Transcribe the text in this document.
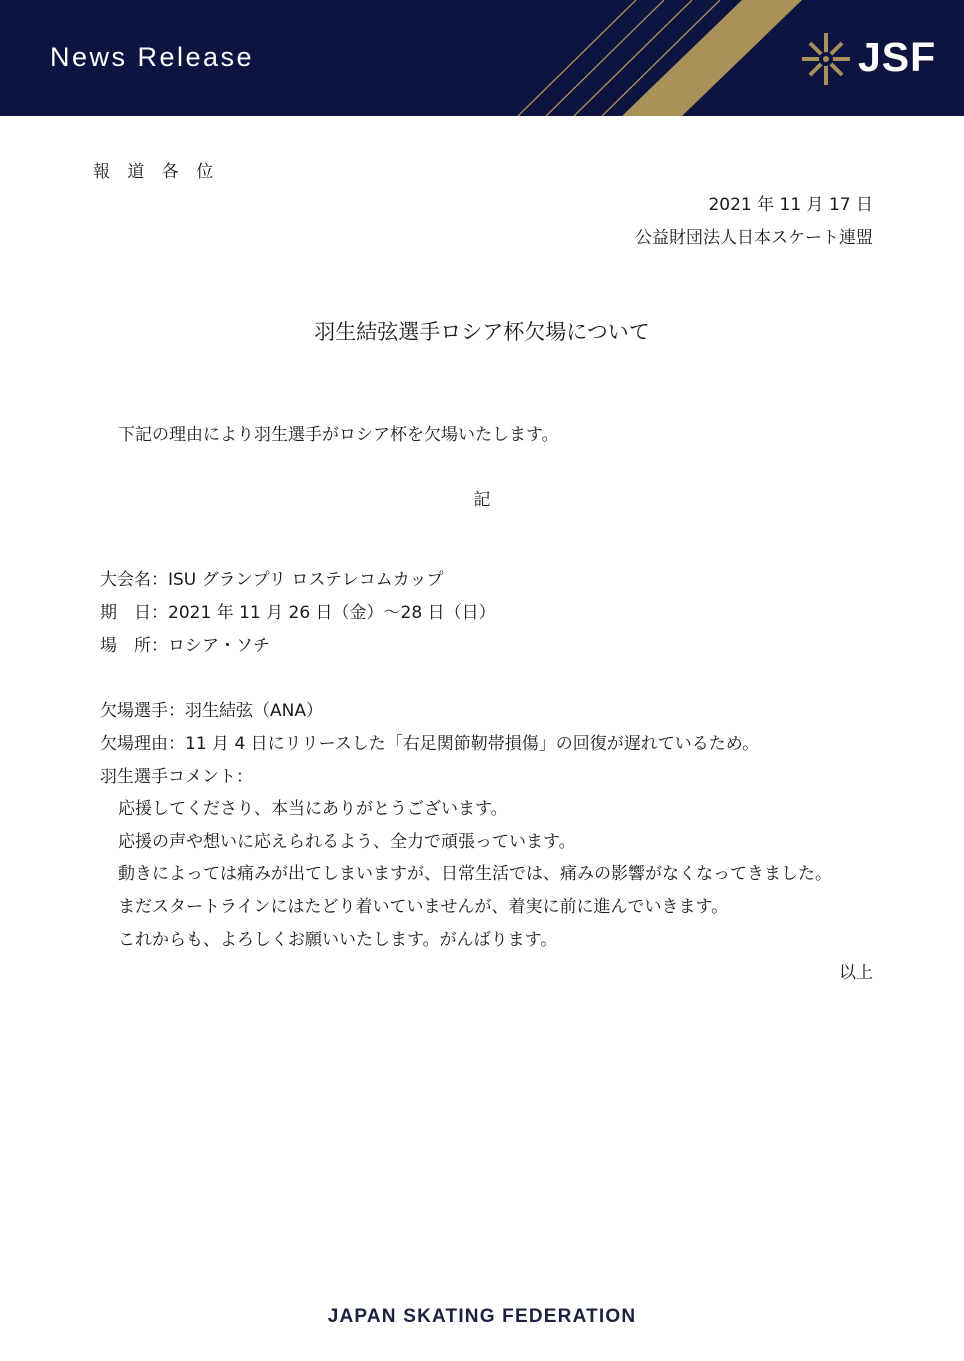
News Release	JSF
報 道 各 位
2021 年 11 月 17 日
公益財団法人日本スケート連盟
羽生結弦選手ロシア杯欠場について
下記の理由により羽生選手がロシア杯を欠場いたします。
記
大会名：ISU グランプリ ロステレコムカップ
期　日：2021 年 11 月 26 日（金）～28 日（日）
場　所：ロシア・ソチ
欠場選手：羽生結弦（ANA）
欠場理由：11 月 4 日にリリースした「右足関節靭帯損傷」の回復が遅れているため。
羽生選手コメント：
応援してくださり、本当にありがとうございます。
応援の声や想いに応えられるよう、全力で頑張っています。
動きによっては痛みが出てしまいますが、日常生活では、痛みの影響がなくなってきました。
まだスタートラインにはたどり着いていませんが、着実に前に進んでいきます。
これからも、よろしくお願いいたします。がんばります。
以上
JAPAN SKATING FEDERATION
